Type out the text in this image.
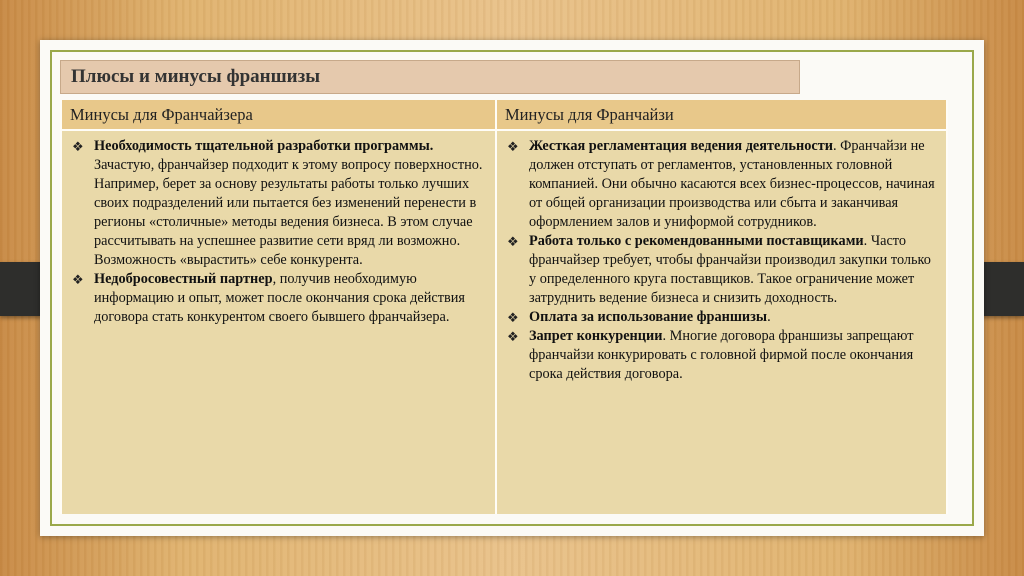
Плюсы и минусы франшизы
Минусы для Франчайзера	Минусы для Франчайзи
❖ Необходимость тщательной разработки программы. Зачастую, франчайзер подходит к этому вопросу поверхностно. Например, берет за основу результаты работы только лучших своих подразделений или пытается без изменений перенести в регионы «столичные» методы ведения бизнеса. В этом случае рассчитывать на успешнее развитие сети вряд ли возможно. Возможность «вырастить» себе конкурента.
❖ Недобросовестный партнер, получив необходимую информацию и опыт, может после окончания срока действия договора стать конкурентом своего бывшего франчайзера.
❖ Жесткая регламентация ведения деятельности. Франчайзи не должен отступать от регламентов, установленных головной компанией. Они обычно касаются всех бизнес-процессов, начиная от общей организации производства или сбыта и заканчивая оформлением залов и униформой сотрудников.
❖ Работа только с рекомендованными поставщиками. Часто франчайзер требует, чтобы франчайзи производил закупки только у определенного круга поставщиков. Такое ограничение может затруднить ведение бизнеса и снизить доходность.
❖ Оплата за использование франшизы.
❖ Запрет конкуренции. Многие договора франшизы запрещают франчайзи конкурировать с головной фирмой после окончания срока действия договора.
